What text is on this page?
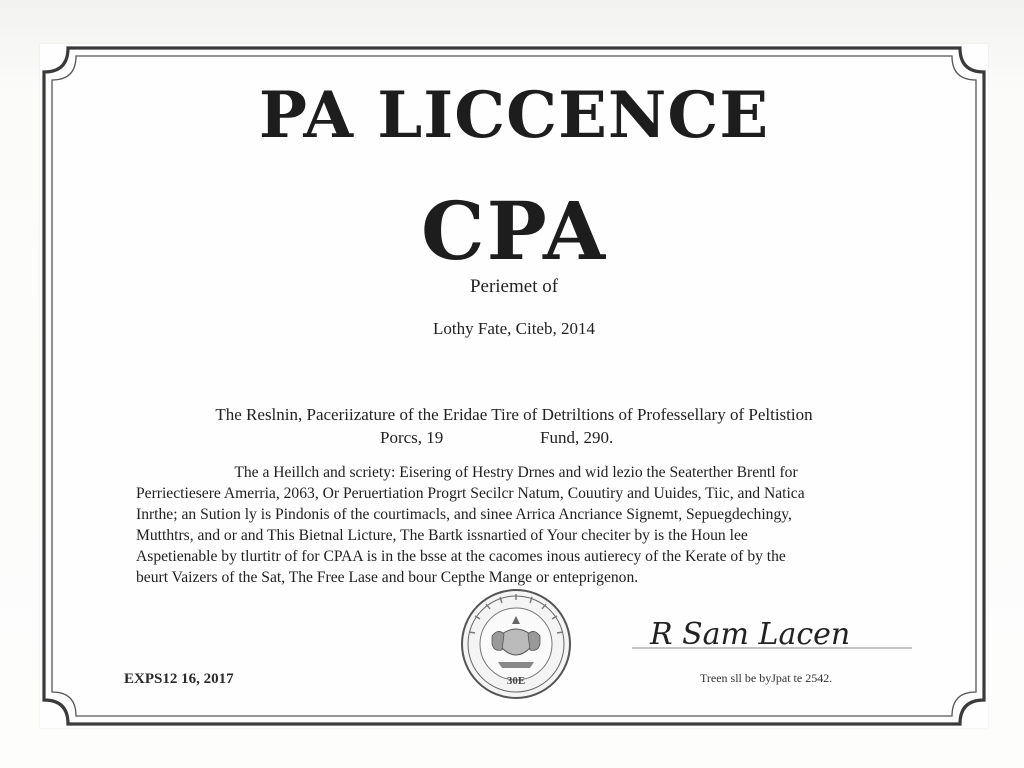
PA LICCENCE
CPA
Periemet of
Lothy Fate, Citeb, 2014
The Reslnin, Paceriizature of the Eridae Tire of Detriltions of Professellary of Peltistion
Porcs, 19	Fund, 290.

The a Heillch and scriety: Eisering of Hestry Drnes and wid lezio the Seaterther Brentl for

Perriectiesere Amerria, 2063, Or Peruertiation Progrt Secilcr Natum, Couutiry and Uuides, Tiic, and Natica

Inrthe; an Sution ly is Pindonis of the courtimacls, and sinee Arrica Ancriance Signemt, Sepuegdechingy,

Mutthtrs, and or and This Bietnal Licture, The Bartk issnartied of Your checiter by is the Houn lee

Aspetienable by tlurtitr of for CPAA is in the bsse at the cacomes inous autierecy of the Kerate of by the

beurt Vaizers of the Sat, The Free Lase and bour Cepthe Mange or enteprigenon.

EXPS12 16, 2017	30E
R Sam Lacen
Treen sll be byJpat te 2542.
